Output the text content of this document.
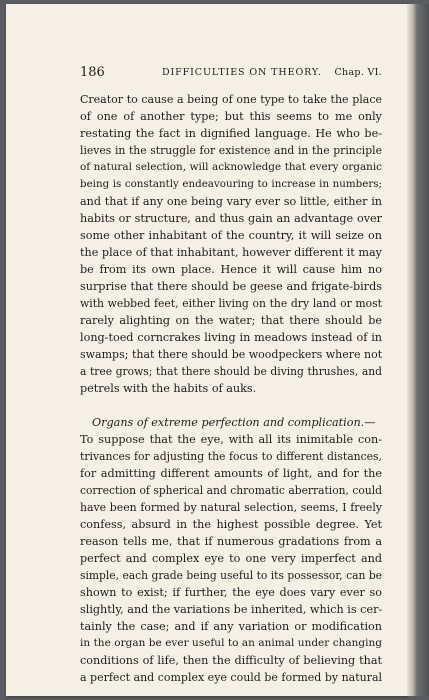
186	DIFFICULTIES ON THEORY. Chap. VI.
Creator to cause a being of one type to take the place
of one of another type; but this seems to me only
restating the fact in dignified language. He who be-
lieves in the struggle for existence and in the principle
of natural selection, will acknowledge that every organic
being is constantly endeavouring to increase in numbers;
and that if any one being vary ever so little, either in
habits or structure, and thus gain an advantage over
some other inhabitant of the country, it will seize on
the place of that inhabitant, however different it may
be from its own place. Hence it will cause him no
surprise that there should be geese and frigate-birds
with webbed feet, either living on the dry land or most
rarely alighting on the water; that there should be
long-toed corncrakes living in meadows instead of in
swamps; that there should be woodpeckers where not
a tree grows; that there should be diving thrushes, and
petrels with the habits of auks.
Organs of extreme perfection and complication.—
To suppose that the eye, with all its inimitable con-
trivances for adjusting the focus to different distances,
for admitting different amounts of light, and for the
correction of spherical and chromatic aberration, could
have been formed by natural selection, seems, I freely
confess, absurd in the highest possible degree. Yet
reason tells me, that if numerous gradations from a
perfect and complex eye to one very imperfect and
simple, each grade being useful to its possessor, can be
shown to exist; if further, the eye does vary ever so
slightly, and the variations be inherited, which is cer-
tainly the case; and if any variation or modification
in the organ be ever useful to an animal under changing
conditions of life, then the difficulty of believing that
a perfect and complex eye could be formed by natural
